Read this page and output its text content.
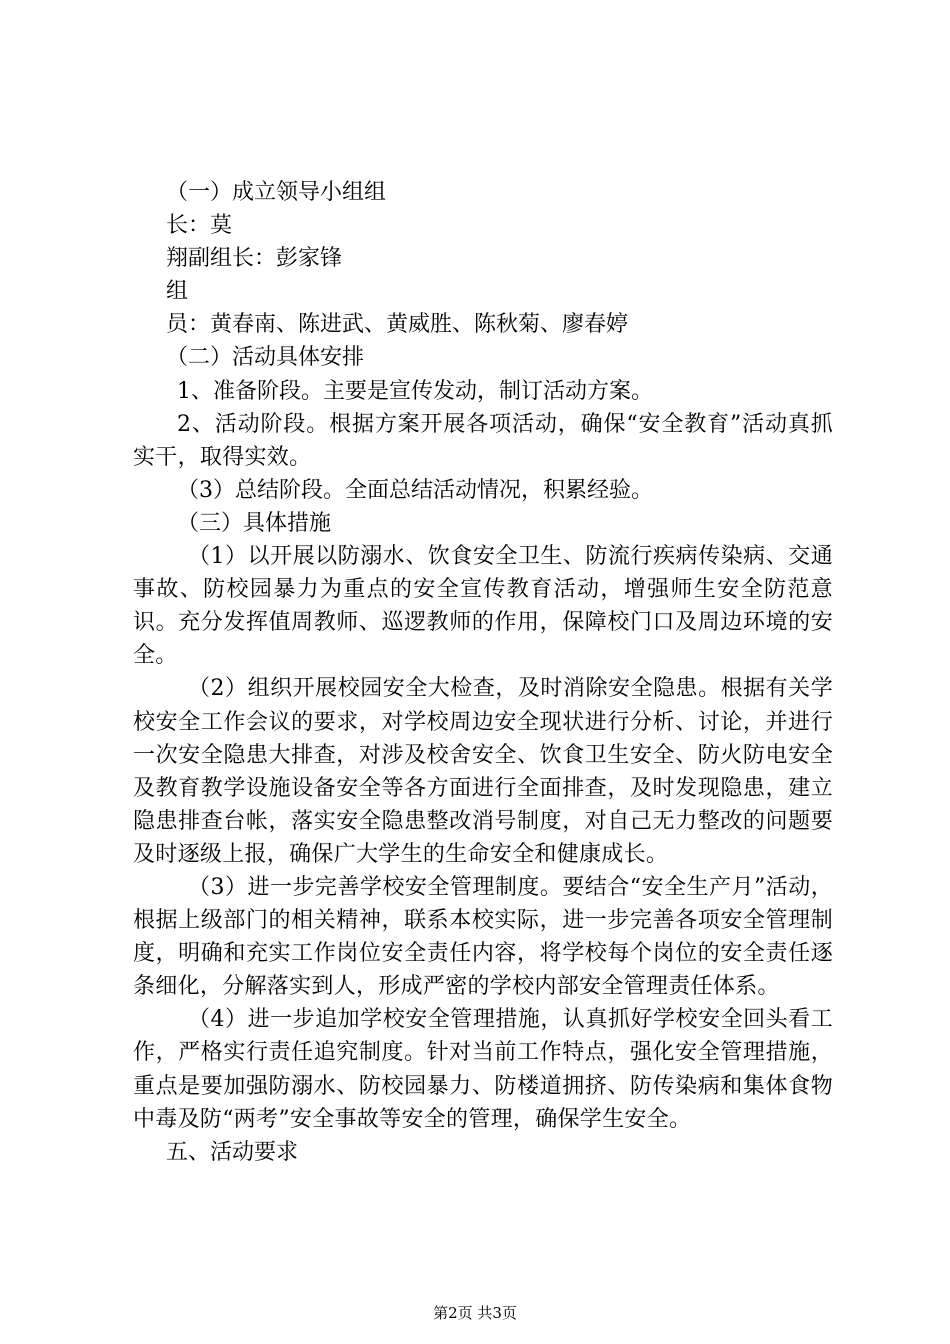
（一）成立领导小组组
长：莫
翔副组长：彭家锋
组
员：黄春南、陈进武、黄威胜、陈秋菊、廖春婷
（二）活动具体安排
1、准备阶段。主要是宣传发动，制订活动方案。
2、活动阶段。根据方案开展各项活动，确保“安全教育”活动真抓实干，取得实效。
（3）总结阶段。全面总结活动情况，积累经验。
（三）具体措施
（1）以开展以防溺水、饮食安全卫生、防流行疾病传染病、交通事故、防校园暴力为重点的安全宣传教育活动，增强师生安全防范意识。充分发挥值周教师、巡逻教师的作用，保障校门口及周边环境的安全。
（2）组织开展校园安全大检查，及时消除安全隐患。根据有关学校安全工作会议的要求，对学校周边安全现状进行分析、讨论，并进行一次安全隐患大排查，对涉及校舍安全、饮食卫生安全、防火防电安全及教育教学设施设备安全等各方面进行全面排查，及时发现隐患，建立隐患排查台帐，落实安全隐患整改消号制度，对自己无力整改的问题要及时逐级上报，确保广大学生的生命安全和健康成长。
（3）进一步完善学校安全管理制度。要结合“安全生产月”活动，根据上级部门的相关精神，联系本校实际，进一步完善各项安全管理制度，明确和充实工作岗位安全责任内容，将学校每个岗位的安全责任逐条细化，分解落实到人，形成严密的学校内部安全管理责任体系。
（4）进一步追加学校安全管理措施，认真抓好学校安全回头看工作，严格实行责任追究制度。针对当前工作特点，强化安全管理措施，重点是要加强防溺水、防校园暴力、防楼道拥挤、防传染病和集体食物中毒及防“两考”安全事故等安全的管理，确保学生安全。
五、活动要求
第2页 共3页
